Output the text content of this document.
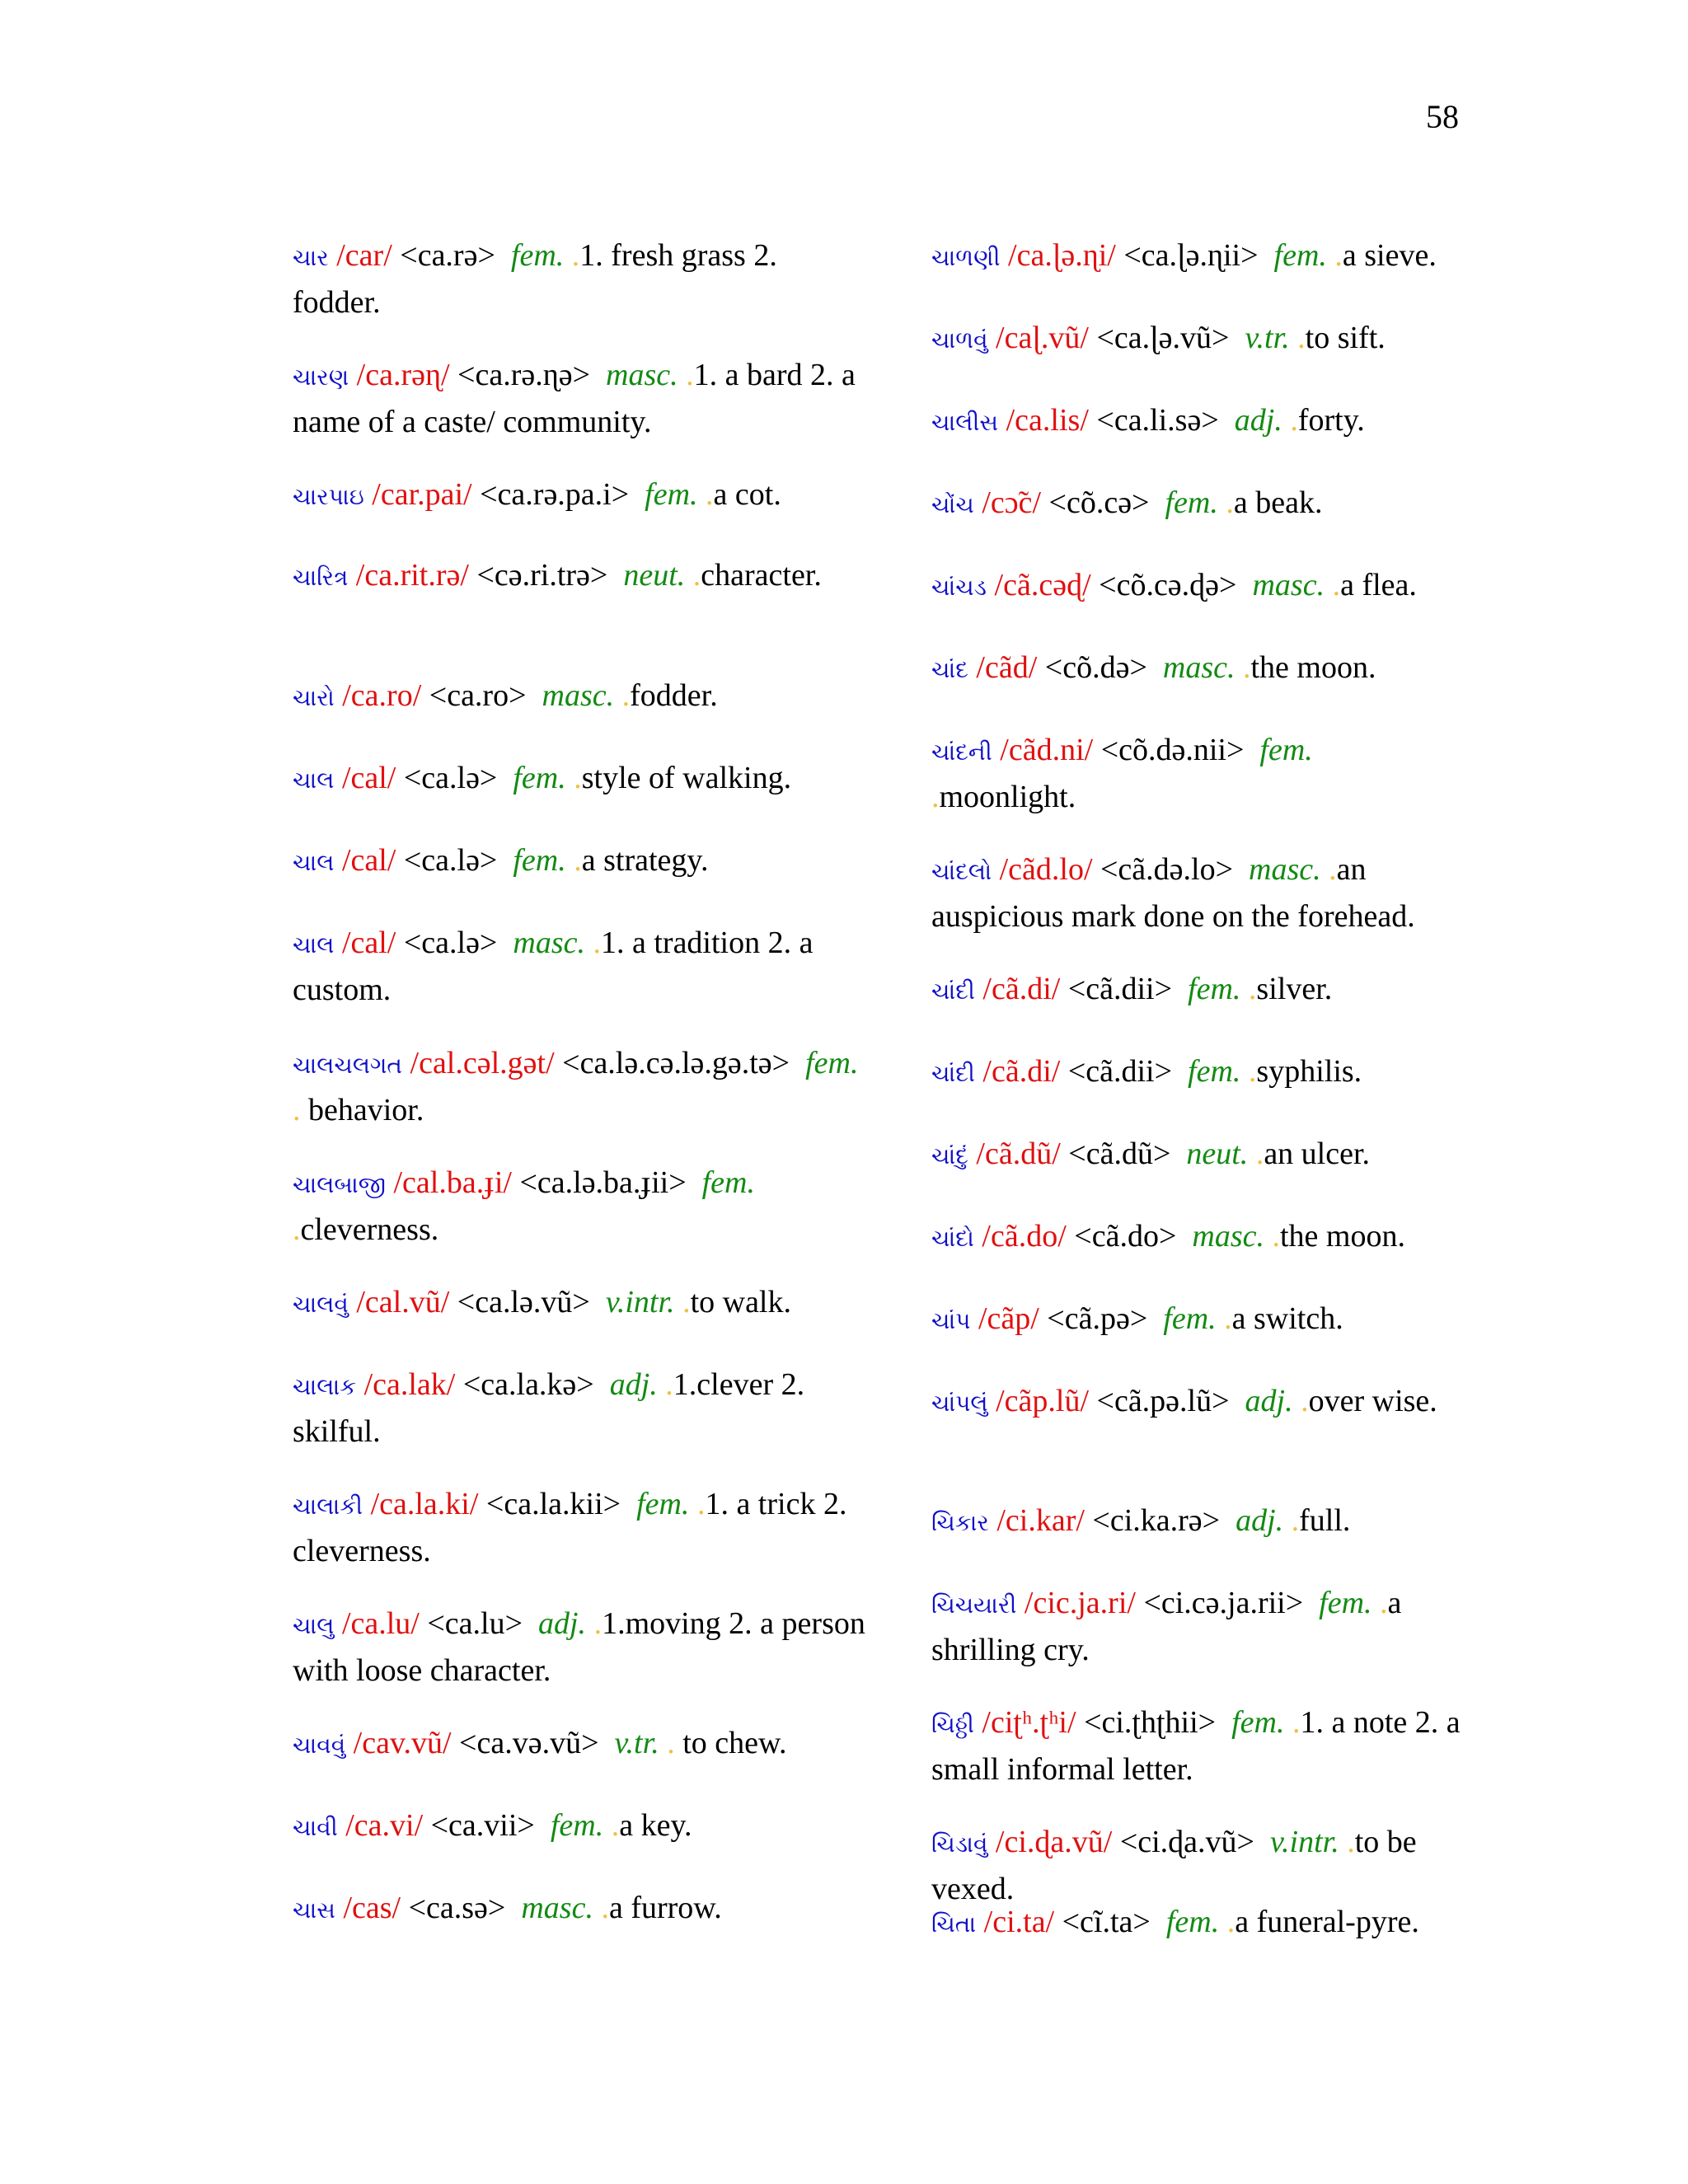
58
ચાર /car/ <ca.rə> fem. .1. fresh grass 2. fodder.
ચારણ /ca.rəɳ/ <ca.rə.ɳə> masc. .1. a bard 2. a name of a caste/ community.
ચારપાઇ /car.pai/ <ca.rə.pa.i> fem. .a cot.
ચારિત્ર /ca.rit.rə/ <cə.ri.trə> neut. .character.
ચારો /ca.ro/ <ca.ro> masc. .fodder.
ચાલ /cal/ <ca.lə> fem. .style of walking.
ચાલ /cal/ <ca.lə> fem. .a strategy.
ચાલ /cal/ <ca.lə> masc. .1. a tradition 2. a custom.
ચાલચલગત /cal.cəl.gət/ <ca.lə.cə.lə.gə.tə> fem. . behavior.
ચાલબાજી /cal.ba.ɟi/ <ca.lə.ba.ɟii> fem. .cleverness.
ચાલવું /cal.vũ/ <ca.lə.vũ> v.intr. .to walk.
ચાલાક /ca.lak/ <ca.la.kə> adj. .1.clever 2. skilful.
ચાલાકી /ca.la.ki/ <ca.la.kii> fem. .1. a trick 2. cleverness.
ચાલુ /ca.lu/ <ca.lu> adj. .1.moving 2. a person with loose character.
ચાવવું /cav.vũ/ <ca.və.vũ> v.tr. . to chew.
ચાવી /ca.vi/ <ca.vii> fem. .a key.
ચાસ /cas/ <ca.sə> masc. .a furrow.
ચાળણી /ca.ɭə.ɳi/ <ca.ɭə.ɳii> fem. .a sieve.
ચાળવું /caɭ.vũ/ <ca.ɭə.vũ> v.tr. .to sift.
ચાલીસ /ca.lis/ <ca.li.sə> adj. .forty.
ચોંચ /cɔ̃c/ <cõ.cə> fem. .a beak.
ચાંચડ /cã.cəɖ/ <cõ.cə.ɖə> masc. .a flea.
ચાંદ /cãd/ <cõ.də> masc. .the moon.
ચાંદની /cãd.ni/ <cõ.də.nii> fem.
.moonlight.
ચાંદલો /cãd.lo/ <cã.də.lo> masc. .an auspicious mark done on the forehead.
ચાંદી /cã.di/ <cã.dii> fem. .silver.
ચાંદી /cã.di/ <cã.dii> fem. .syphilis.
ચાંદું /cã.dũ/ <cã.dũ> neut. .an ulcer.
ચાંદો /cã.do/ <cã.do> masc. .the moon.
ચાંપ /cãp/ <cã.pə> fem. .a switch.
ચાંપલું /cãp.lũ/ <cã.pə.lũ> adj. .over wise.
ચિકાર /ci.kar/ <ci.ka.rə> adj. .full.
ચિચયારી /cic.ja.ri/ <ci.cə.ja.rii> fem. .a shrilling cry.
ચિઠ્ઠી /ciʈʰ.ʈʰi/ <ci.ʈhʈhii> fem. .1. a note 2. a small informal letter.
ચિડાવું /ci.ɖa.vũ/ <ci.ɖa.vũ> v.intr. .to be vexed.
ચિતા /ci.ta/ <cĩ.ta> fem. .a funeral-pyre.
